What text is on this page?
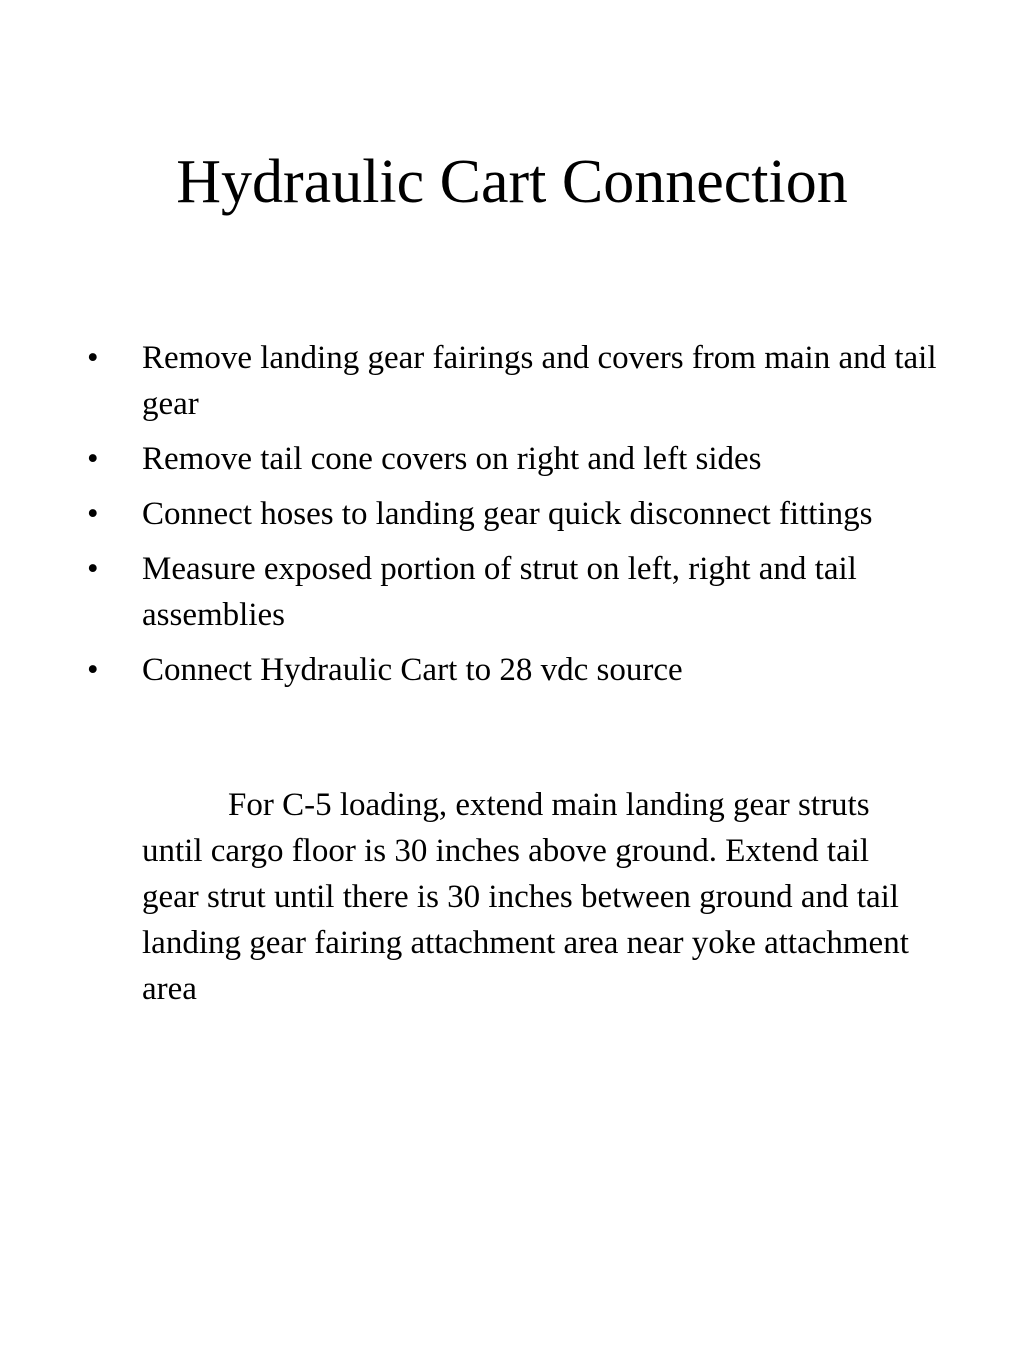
Hydraulic Cart Connection
•	Remove landing gear fairings and covers from main and tail gear
•	Remove tail cone covers on right and left sides
•	Connect hoses to landing gear quick disconnect fittings
•	Measure exposed portion of strut on left, right and tail assemblies
•	Connect Hydraulic Cart to 28 vdc source

For C-5 loading, extend main landing gear struts until cargo floor is 30 inches above ground. Extend tail gear strut until there is 30 inches between ground and tail landing gear fairing attachment area near yoke attachment area
